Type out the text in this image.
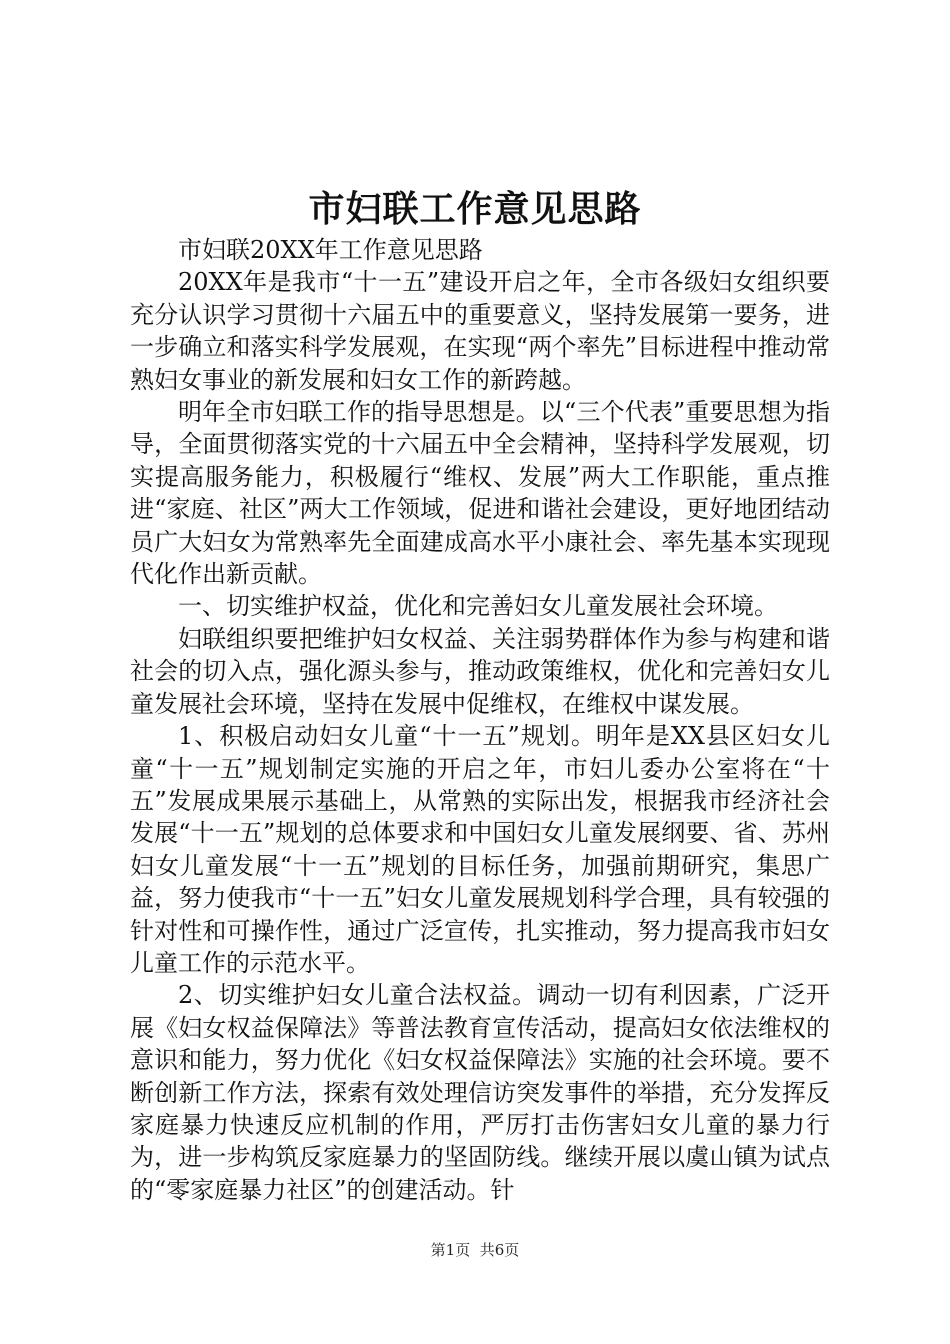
市妇联工作意见思路

市妇联20XX年工作意见思路

20XX年是我市“十一五”建设开启之年，全市各级妇女组织要充分认识学习贯彻十六届五中的重要意义，坚持发展第一要务，进一步确立和落实科学发展观，在实现“两个率先”目标进程中推动常熟妇女事业的新发展和妇女工作的新跨越。

明年全市妇联工作的指导思想是。以“三个代表”重要思想为指导，全面贯彻落实党的十六届五中全会精神，坚持科学发展观，切实提高服务能力，积极履行“维权、发展”两大工作职能，重点推进“家庭、社区”两大工作领域，促进和谐社会建设，更好地团结动员广大妇女为常熟率先全面建成高水平小康社会、率先基本实现现代化作出新贡献。

一、切实维护权益，优化和完善妇女儿童发展社会环境。

妇联组织要把维护妇女权益、关注弱势群体作为参与构建和谐社会的切入点，强化源头参与，推动政策维权，优化和完善妇女儿童发展社会环境，坚持在发展中促维权，在维权中谋发展。

1、积极启动妇女儿童“十一五”规划。明年是XX县区妇女儿童“十一五”规划制定实施的开启之年，市妇儿委办公室将在“十五”发展成果展示基础上，从常熟的实际出发，根据我市经济社会发展“十一五”规划的总体要求和中国妇女儿童发展纲要、省、苏州妇女儿童发展“十一五”规划的目标任务，加强前期研究，集思广益，努力使我市“十一五”妇女儿童发展规划科学合理，具有较强的针对性和可操作性，通过广泛宣传，扎实推动，努力提高我市妇女儿童工作的示范水平。

2、切实维护妇女儿童合法权益。调动一切有利因素，广泛开展《妇女权益保障法》等普法教育宣传活动，提高妇女依法维权的意识和能力，努力优化《妇女权益保障法》实施的社会环境。要不断创新工作方法，探索有效处理信访突发事件的举措，充分发挥反家庭暴力快速反应机制的作用，严厉打击伤害妇女儿童的暴力行为，进一步构筑反家庭暴力的坚固防线。继续开展以虞山镇为试点的“零家庭暴力社区”的创建活动。针

第1页 共6页
